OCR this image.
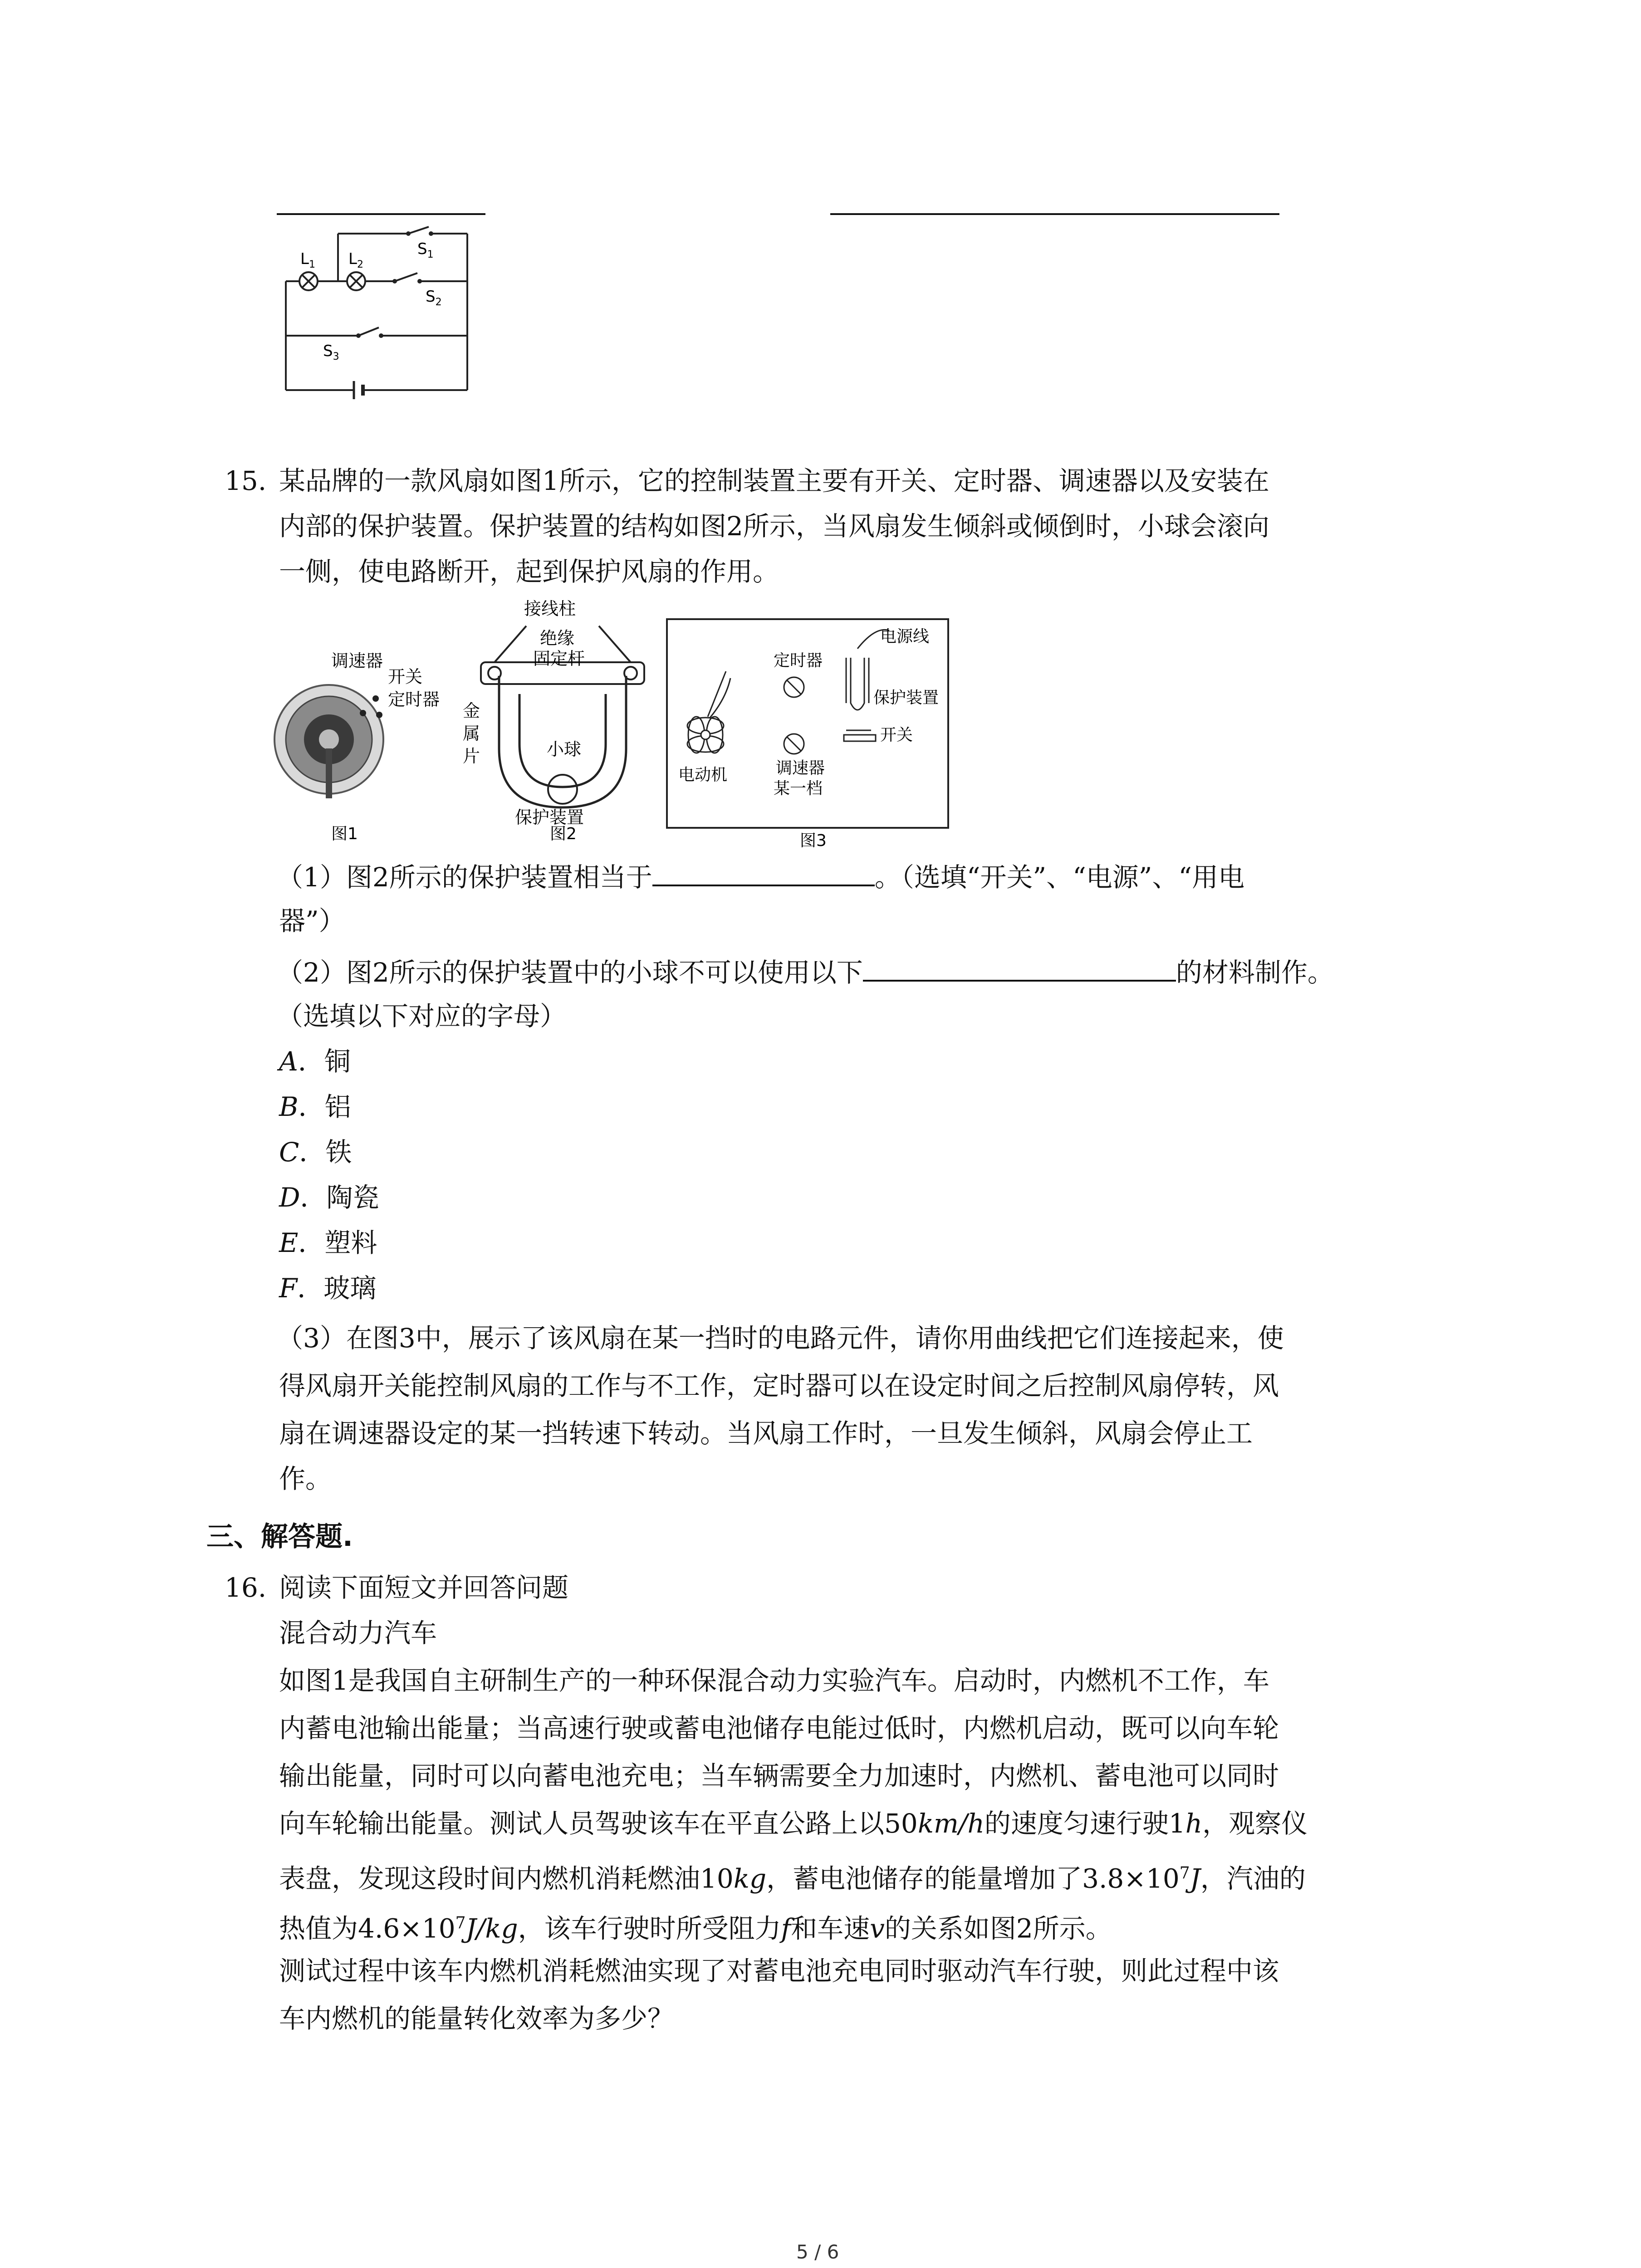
$L_1$ $L_2$
$S_1$
$S_2$
$S_3$
15. 某品牌的一款风扇如图1所示，它的控制装置主要有开关、定时器、调速器以及安装在
内部的保护装置。保护装置的结构如图2所示，当风扇发生倾斜或倾倒时，小球会滚向
一侧，使电路断开，起到保护风扇的作用。
调速器
开关
定时器
图1
接线柱
绝缘
固定杆
金
属
片	小球
保护装置
图2
定时器
电源线
保护装置
开关
电动机	调速器
某一档
图3
（1）图2所示的保护装置相当于	。（选填“开关”、“电源”、“用电
器”）
（2）图2所示的保护装置中的小球不可以使用以下	的材料制作。
（选填以下对应的字母）
A．铜
B．铝
C．铁
D．陶瓷
E．塑料
F．玻璃
（3）在图3中，展示了该风扇在某一挡时的电路元件，请你用曲线把它们连接起来，使
得风扇开关能控制风扇的工作与不工作，定时器可以在设定时间之后控制风扇停转，风
扇在调速器设定的某一挡转速下转动。当风扇工作时，一旦发生倾斜，风扇会停止工
作。
三、解答题.
16. 阅读下面短文并回答问题
混合动力汽车
如图1是我国自主研制生产的一种环保混合动力实验汽车。启动时，内燃机不工作，车
内蓄电池输出能量；当高速行驶或蓄电池储存电能过低时，内燃机启动，既可以向车轮
输出能量，同时可以向蓄电池充电；当车辆需要全力加速时，内燃机、蓄电池可以同时
向车轮输出能量。测试人员驾驶该车在平直公路上以50km/h的速度匀速行驶1h，观察仪
表盘，发现这段时间内燃机消耗燃油10kg，蓄电池储存的能量增加了$3.8\times 10^7J$，汽油的
热值为$4.6\times 10^7J/kg$，该车行驶时所受阻力f和车速v的关系如图2所示。
测试过程中该车内燃机消耗燃油实现了对蓄电池充电同时驱动汽车行驶，则此过程中该
车内燃机的能量转化效率为多少？
5 / 6
